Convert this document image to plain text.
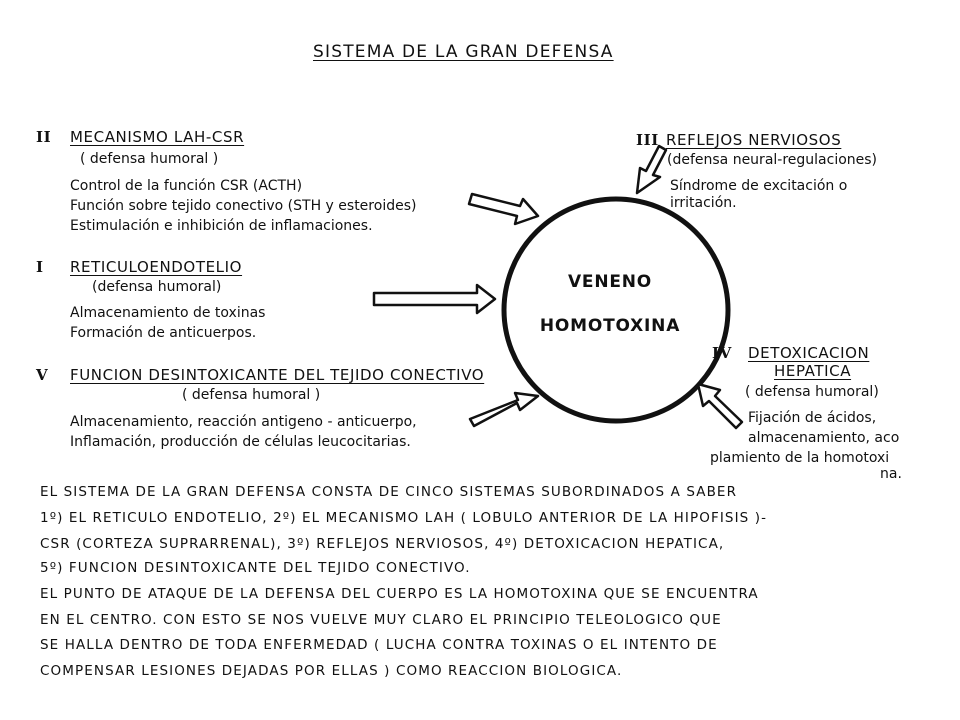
SISTEMA DE LA GRAN DEFENSA
VENENO
HOMOTOXINA
II MECANISMO LAH-CSR
( defensa humoral )
Control de la función CSR (ACTH)
Función sobre tejido conectivo (STH y esteroides)
Estimulación e inhibición de inflamaciones.
I RETICULOENDOTELIO
(defensa humoral)
Almacenamiento de toxinas
Formación de anticuerpos.
V FUNCION DESINTOXICANTE DEL TEJIDO CONECTIVO
( defensa humoral )
Almacenamiento, reacción antigeno - anticuerpo,
Inflamación, producción de células leucocitarias.
III REFLEJOS NERVIOSOS
(defensa neural-regulaciones)
Síndrome de excitación o
irritación.
IV DETOXICACION
HEPATICA
( defensa humoral)
Fijación de ácidos,
almacenamiento, aco
plamiento de la homotoxi
na.
EL SISTEMA DE LA GRAN DEFENSA CONSTA DE CINCO SISTEMAS SUBORDINADOS A SABER
1º) EL RETICULO ENDOTELIO, 2º) EL MECANISMO LAH ( LOBULO ANTERIOR DE LA HIPOFISIS )-
CSR (CORTEZA SUPRARRENAL), 3º) REFLEJOS NERVIOSOS, 4º) DETOXICACION HEPATICA,
5º) FUNCION DESINTOXICANTE DEL TEJIDO CONECTIVO.
EL PUNTO DE ATAQUE DE LA DEFENSA DEL CUERPO ES LA HOMOTOXINA QUE SE ENCUENTRA
EN EL CENTRO. CON ESTO SE NOS VUELVE MUY CLARO EL PRINCIPIO TELEOLOGICO QUE
SE HALLA DENTRO DE TODA ENFERMEDAD ( LUCHA CONTRA TOXINAS O EL INTENTO DE
COMPENSAR LESIONES DEJADAS POR ELLAS ) COMO REACCION BIOLOGICA.
